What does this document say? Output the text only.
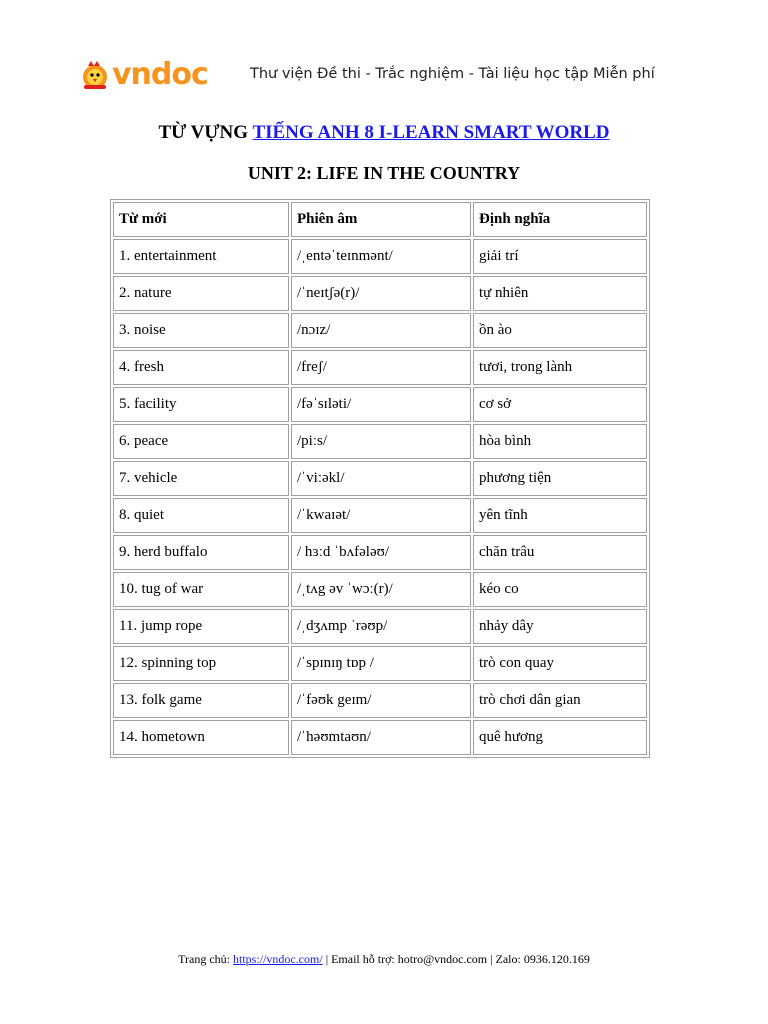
vndoc	Thư viện Đề thi - Trắc nghiệm - Tài liệu học tập Miễn phí
TỪ VỰNG TIẾNG ANH 8 I-LEARN SMART WORLD
UNIT 2: LIFE IN THE COUNTRY
Từ mới	Phiên âm	Định nghĩa
1. entertainment	/ˌentəˈteɪnmənt/	giải trí
2. nature	/ˈneɪtʃə(r)/	tự nhiên
3. noise	/nɔɪz/	ồn ào
4. fresh	/freʃ/	tươi, trong lành
5. facility	/fəˈsɪləti/	cơ sở
6. peace	/piːs/	hòa bình
7. vehicle	/ˈviːəkl/	phương tiện
8. quiet	/ˈkwaɪət/	yên tĩnh
9. herd buffalo	/ hɜːd ˈbʌfələʊ/	chăn trâu
10. tug of war	/ˌtʌg əv ˈwɔː(r)/	kéo co
11. jump rope	/ˌdʒʌmp ˈrəʊp/	nhảy dây
12. spinning top	/ˈspɪnɪŋ tɒp /	trò con quay
13. folk game	/ˈfəʊk geɪm/	trò chơi dân gian
14. hometown	/ˈhəʊmtaʊn/	quê hương
Trang chủ: https://vndoc.com/ | Email hỗ trợ: hotro@vndoc.com | Zalo: 0936.120.169
